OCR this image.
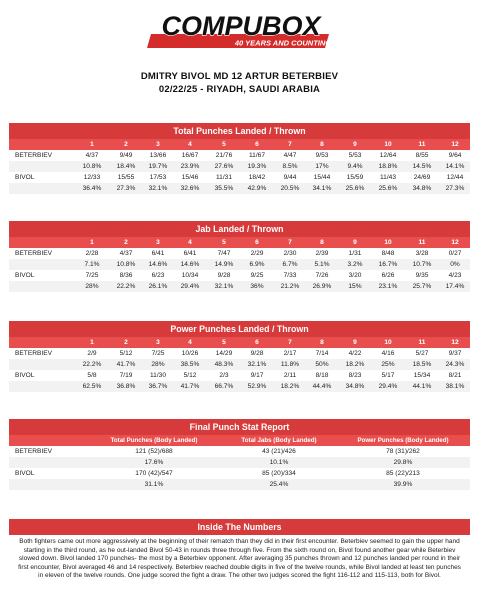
COMPUBOX
40 YEARS AND COUNTING
DMITRY BIVOL MD 12 ARTUR BETERBIEV
02/22/25 - RIYADH, SAUDI ARABIA
Total Punches Landed / Thrown
1	2	3	4	5	6	7	8	9	10	11	12
BETERBIEV	4/37	9/49	13/66	16/67	21/76	11/67	4/47	9/53	5/53	12/64	8/55	9/64
10.8%	18.4%	19.7%	23.9%	27.6%	19.3%	8.5%	17%	9.4%	18.8%	14.5%	14.1%
BIVOL	12/33	15/55	17/53	15/46	11/31	18/42	9/44	15/44	15/59	11/43	24/69	12/44
36.4%	27.3%	32.1%	32.6%	35.5%	42.9%	20.5%	34.1%	25.6%	25.6%	34.8%	27.3%
Jab Landed / Thrown
1	2	3	4	5	6	7	8	9	10	11	12
BETERBIEV	2/28	4/37	6/41	6/41	7/47	2/29	2/30	2/39	1/31	8/48	3/28	0/27
7.1%	10.8%	14.6%	14.6%	14.9%	6.9%	6.7%	5.1%	3.2%	16.7%	10.7%	0%
BIVOL	7/25	8/36	6/23	10/34	9/28	9/25	7/33	7/26	3/20	6/26	9/35	4/23
28%	22.2%	26.1%	29.4%	32.1%	36%	21.2%	26.9%	15%	23.1%	25.7%	17.4%
Power Punches Landed / Thrown
1	2	3	4	5	6	7	8	9	10	11	12
BETERBIEV	2/9	5/12	7/25	10/26	14/29	9/28	2/17	7/14	4/22	4/16	5/27	9/37
22.2%	41.7%	28%	38.5%	48.3%	32.1%	11.8%	50%	18.2%	25%	18.5%	24.3%
BIVOL	5/8	7/19	11/30	5/12	2/3	9/17	2/11	8/18	8/23	5/17	15/34	8/21
62.5%	36.8%	36.7%	41.7%	66.7%	52.9%	18.2%	44.4%	34.8%	29.4%	44.1%	38.1%
Final Punch Stat Report
Total Punches (Body Landed)	Total Jabs (Body Landed)	Power Punches (Body Landed)
BETERBIEV	121 (52)/688	43 (21)/426	78 (31)/262
17.6%	10.1%	29.8%
BIVOL	170 (42)/547	85 (20)/334	85 (22)/213
31.1%	25.4%	39.9%
Inside The Numbers
Both fighters came out more aggressively at the beginning of their rematch than they did in their first encounter. Beterbiev seemed to gain the upper hand starting in the third round, as he out-landed Bivol 50-43 in rounds three through five. From the sixth round on, Bivol found another gear while Beterbiev slowed down. Bivol landed 170 punches- the most by a Beterbiev opponent. After averaging 35 punches thrown and 12 punches landed per round in their first encounter, Bivol averaged 46 and 14 respectively. Beterbiev reached double digits in five of the twelve rounds, while Bivol landed at least ten punches in eleven of the twelve rounds. One judge scored the fight a draw. The other two judges scored the fight 116-112 and 115-113, both for Bivol.
